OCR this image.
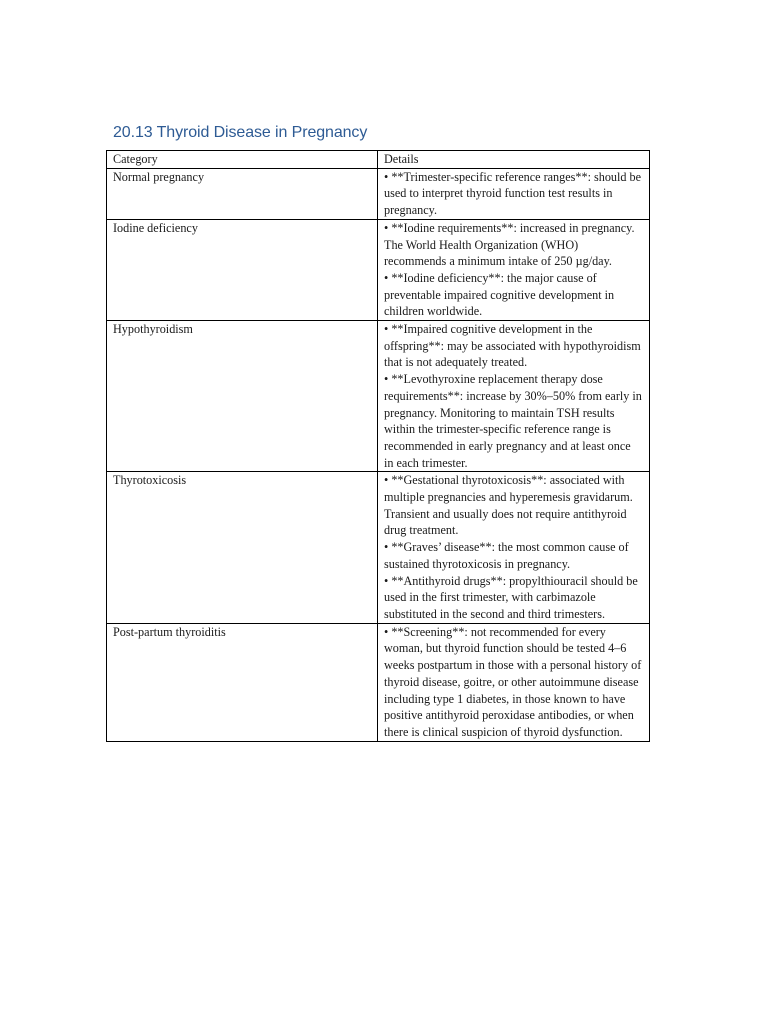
20.13 Thyroid Disease in Pregnancy
Category	Details
Normal pregnancy	• **Trimester-specific reference ranges**: should be used to interpret thyroid function test results in pregnancy.

Iodine deficiency	• **Iodine requirements**: increased in pregnancy. The World Health Organization (WHO) recommends a minimum intake of 250 µg/day.
• **Iodine deficiency**: the major cause of preventable impaired cognitive development in children worldwide.

Hypothyroidism	• **Impaired cognitive development in the offspring**: may be associated with hypothyroidism that is not adequately treated.
• **Levothyroxine replacement therapy dose requirements**: increase by 30%–50% from early in pregnancy. Monitoring to maintain TSH results within the trimester-specific reference range is recommended in early pregnancy and at least once in each trimester.

Thyrotoxicosis	• **Gestational thyrotoxicosis**: associated with multiple pregnancies and hyperemesis gravidarum. Transient and usually does not require antithyroid drug treatment.
• **Graves’ disease**: the most common cause of sustained thyrotoxicosis in pregnancy.
• **Antithyroid drugs**: propylthiouracil should be used in the first trimester, with carbimazole substituted in the second and third trimesters.

Post-partum thyroiditis	• **Screening**: not recommended for every woman, but thyroid function should be tested 4–6 weeks postpartum in those with a personal history of thyroid disease, goitre, or other autoimmune disease including type 1 diabetes, in those known to have positive antithyroid peroxidase antibodies, or when there is clinical suspicion of thyroid dysfunction.
